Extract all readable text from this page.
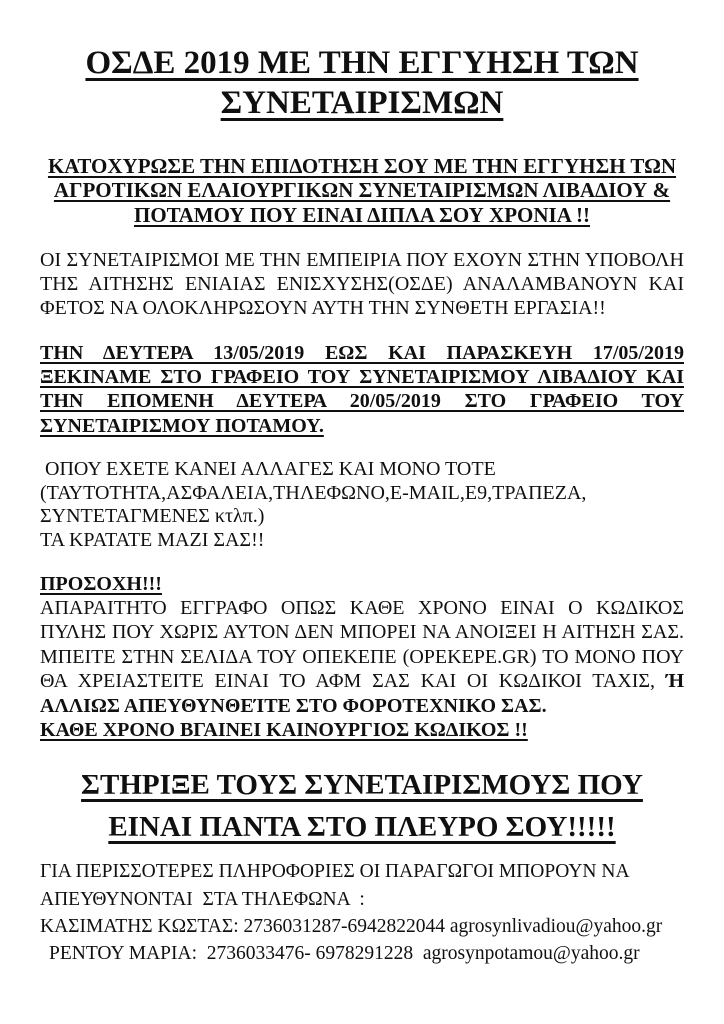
ΟΣΔΕ 2019 ΜΕ ΤΗΝ ΕΓΓΥΗΣΗ ΤΩΝ ΣΥΝΕΤΑΙΡΙΣΜΩΝ
ΚΑΤΟΧΥΡΩΣΕ ΤΗΝ ΕΠΙΔΟΤΗΣΗ ΣΟΥ ΜΕ ΤΗΝ ΕΓΓΥΗΣΗ ΤΩΝ ΑΓΡΟΤΙΚΩΝ ΕΛΑΙΟΥΡΓΙΚΩΝ ΣΥΝΕΤΑΙΡΙΣΜΩΝ ΛΙΒΑΔΙΟΥ & ΠΟΤΑΜΟΥ ΠΟΥ ΕΙΝΑΙ ΔΙΠΛΑ ΣΟΥ ΧΡΟΝΙΑ !!

ΟΙ ΣΥΝΕΤΑΙΡΙΣΜΟΙ ΜΕ ΤΗΝ ΕΜΠΕΙΡΙΑ ΠΟΥ ΕΧΟΥΝ ΣΤΗΝ ΥΠΟΒΟΛΗ ΤΗΣ ΑΙΤΗΣΗΣ ΕΝΙΑΙΑΣ ΕΝΙΣΧΥΣΗΣ(ΟΣΔΕ) ΑΝΑΛΑΜΒΑΝΟΥΝ ΚΑΙ ΦΕΤΟΣ ΝΑ ΟΛΟΚΛΗΡΩΣΟΥΝ ΑΥΤΗ ΤΗΝ ΣΥΝΘΕΤΗ ΕΡΓΑΣΙΑ!!

ΤΗΝ ΔΕΥΤΕΡΑ 13/05/2019 ΕΩΣ ΚΑΙ ΠΑΡΑΣΚΕΥΗ 17/05/2019 ΞΕΚΙΝΑΜΕ ΣΤΟ ΓΡΑΦΕΙΟ ΤΟΥ ΣΥΝΕΤΑΙΡΙΣΜΟΥ ΛΙΒΑΔΙΟΥ ΚΑΙ ΤΗΝ ΕΠΟΜΕΝΗ ΔΕΥΤΕΡΑ 20/05/2019 ΣΤΟ ΓΡΑΦΕΙΟ ΤΟΥ ΣΥΝΕΤΑΙΡΙΣΜΟΥ ΠΟΤΑΜΟΥ.

ΟΠΟΥ ΕΧΕΤΕ ΚΑΝΕΙ ΑΛΛΑΓΕΣ ΚΑΙ ΜΟΝΟ ΤΟΤΕ
(ΤΑΥΤΟΤΗΤΑ,ΑΣΦΑΛΕΙΑ,ΤΗΛΕΦΩΝΟ,E-MAIL,E9,ΤΡΑΠΕΖΑ,
ΣΥΝΤΕΤΑΓΜΕΝΕΣ κτλπ.)
ΤΑ ΚΡΑΤΑΤΕ ΜΑΖΙ ΣΑΣ!!
ΠΡΟΣΟΧΗ!!!

ΑΠΑΡΑΙΤΗΤΟ ΕΓΓΡΑΦΟ ΟΠΩΣ ΚΑΘΕ ΧΡΟΝΟ ΕΙΝΑΙ Ο ΚΩΔΙΚΟΣ ΠΥΛΗΣ ΠΟΥ ΧΩΡΙΣ ΑΥΤΟΝ ΔΕΝ ΜΠΟΡΕΙ ΝΑ ΑΝΟΙΞΕΙ Η ΑΙΤΗΣΗ ΣΑΣ. ΜΠΕΙΤΕ ΣΤΗΝ ΣΕΛΙΔΑ ΤΟΥ ΟΠΕΚΕΠΕ (OPEKEPE.GR) ΤΟ ΜΟΝΟ ΠΟΥ ΘΑ ΧΡΕΙΑΣΤΕΙΤΕ ΕΙΝΑΙ ΤΟ ΑΦΜ ΣΑΣ ΚΑΙ ΟΙ ΚΩΔΙΚΟΙ ΤΑΧΙΣ, Ή ΑΛΛΙΩΣ ΑΠΕΥΘΥΝΘΕΊΤΕ ΣΤΟ ΦΟΡΟΤΕΧΝΙΚΟ ΣΑΣ.

ΚΑΘΕ ΧΡΟΝΟ ΒΓΑΙΝΕΙ ΚΑΙΝΟΥΡΓΙΟΣ ΚΩΔΙΚΟΣ !!
ΣΤΗΡΙΞΕ ΤΟΥΣ ΣΥΝΕΤΑΙΡΙΣΜΟΥΣ ΠΟΥ ΕΙΝΑΙ ΠΑΝΤΑ ΣΤΟ ΠΛΕΥΡΟ ΣΟΥ!!!!!
ΓΙΑ ΠΕΡΙΣΣΟΤΕΡΕΣ ΠΛΗΡΟΦΟΡΙΕΣ ΟΙ ΠΑΡΑΓΩΓΟΙ ΜΠΟΡΟΥΝ ΝΑ
ΑΠΕΥΘΥΝΟΝΤΑΙ  ΣΤΑ ΤΗΛΕΦΩΝΑ  :
ΚΑΣΙΜΑΤΗΣ ΚΩΣΤΑΣ: 2736031287-6942822044 agrosynlivadiou@yahoo.gr
ΡΕΝΤΟΥ ΜΑΡΙΑ:  2736033476- 6978291228  agrosynpotamou@yahoo.gr
